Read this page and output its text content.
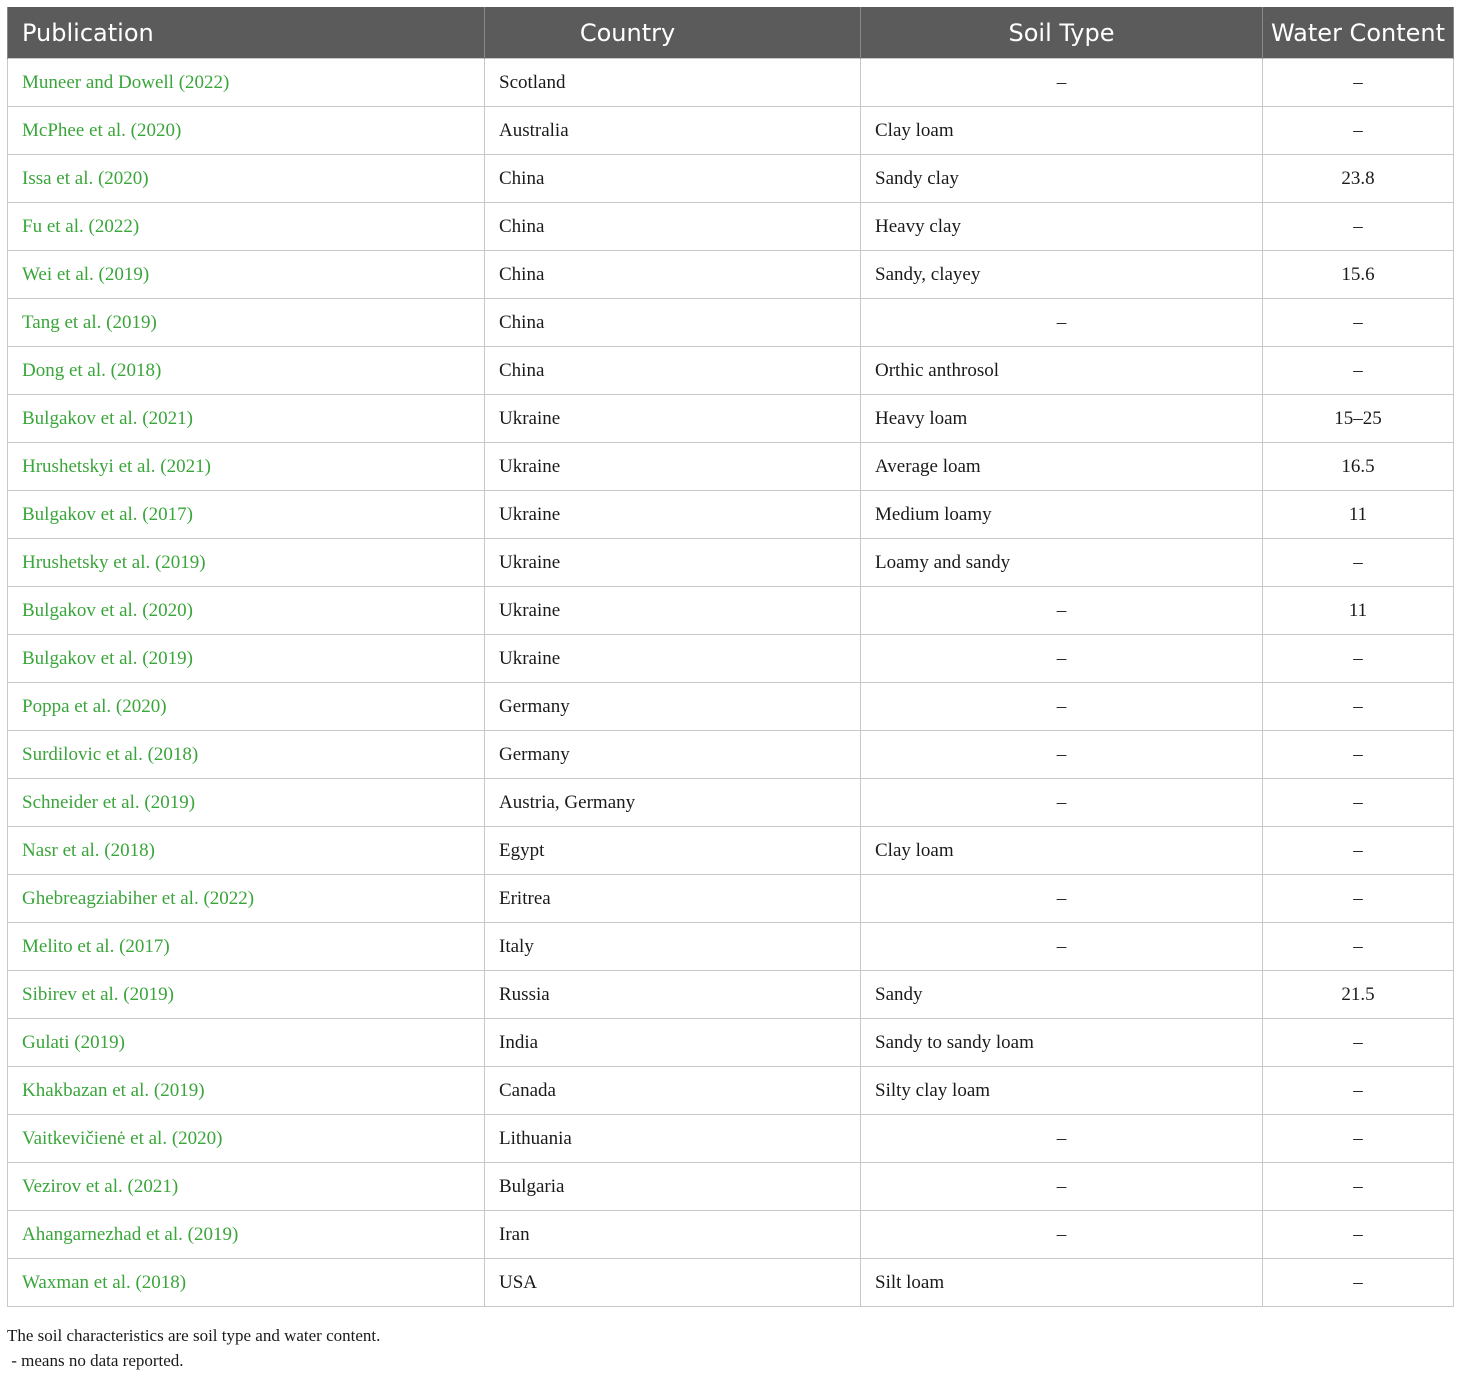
Publication	Country	Soil Type	Water Content
Muneer and Dowell (2022)	Scotland	–	–
McPhee et al. (2020)	Australia	Clay loam	–
Issa et al. (2020)	China	Sandy clay	23.8
Fu et al. (2022)	China	Heavy clay	–
Wei et al. (2019)	China	Sandy, clayey	15.6
Tang et al. (2019)	China	–	–
Dong et al. (2018)	China	Orthic anthrosol	–
Bulgakov et al. (2021)	Ukraine	Heavy loam	15–25
Hrushetskyi et al. (2021)	Ukraine	Average loam	16.5
Bulgakov et al. (2017)	Ukraine	Medium loamy	11
Hrushetsky et al. (2019)	Ukraine	Loamy and sandy	–
Bulgakov et al. (2020)	Ukraine	–	11
Bulgakov et al. (2019)	Ukraine	–	–
Poppa et al. (2020)	Germany	–	–
Surdilovic et al. (2018)	Germany	–	–
Schneider et al. (2019)	Austria, Germany	–	–
Nasr et al. (2018)	Egypt	Clay loam	–
Ghebreagziabiher et al. (2022)	Eritrea	–	–
Melito et al. (2017)	Italy	–	–
Sibirev et al. (2019)	Russia	Sandy	21.5
Gulati (2019)	India	Sandy to sandy loam	–
Khakbazan et al. (2019)	Canada	Silty clay loam	–
Vaitkevičienė et al. (2020)	Lithuania	–	–
Vezirov et al. (2021)	Bulgaria	–	–
Ahangarnezhad et al. (2019)	Iran	–	–
Waxman et al. (2018)	USA	Silt loam	–
The soil characteristics are soil type and water content.
- means no data reported.
